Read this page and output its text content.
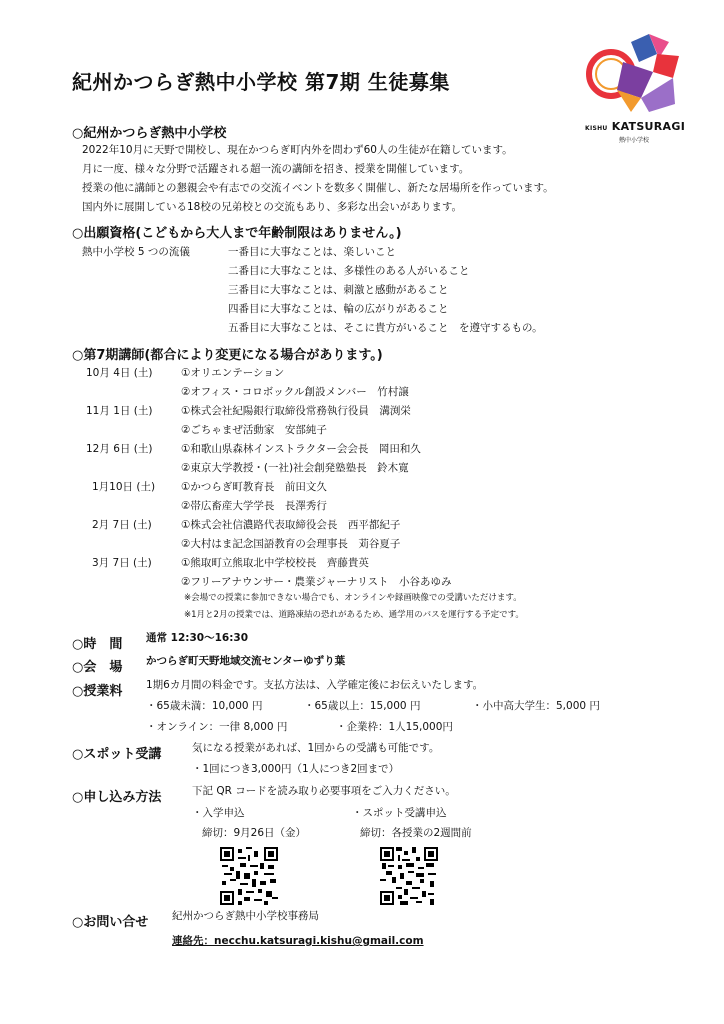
紀州かつらぎ熱中小学校 第7期 生徒募集
KISHU KATSURAGI
熱中小学校
○紀州かつらぎ熱中小学校
2022年10月に天野で開校し、現在かつらぎ町内外を問わず60人の生徒が在籍しています。
月に一度、様々な分野で活躍される超一流の講師を招き、授業を開催しています。
授業の他に講師との懇親会や有志での交流イベントを数多く開催し、新たな居場所を作っています。
国内外に展開している18校の兄弟校との交流もあり、多彩な出会いがあります。
○出願資格(こどもから大人まで年齢制限はありません。)
熱中小学校 5 つの流儀	一番目に大事なことは、楽しいこと
二番目に大事なことは、多様性のある人がいること
三番目に大事なことは、刺激と感動があること
四番目に大事なことは、輪の広がりがあること
五番目に大事なことは、そこに貴方がいること　を遵守するもの。
○第7期講師(都合により変更になる場合があります。)
10月 4日 (土)	①オリエンテーション
②オフィス・コロボックル創設メンバー　竹村譲
11月 1日 (土)	①株式会社紀陽銀行取締役常務執行役員　溝渕栄
②ごちゃまぜ活動家　安部純子
12月 6日 (土)	①和歌山県森林インストラクター会会長　岡田和久
②東京大学教授・(一社)社会創発塾塾長　鈴木寛
1月10日 (土) ①かつらぎ町教育長　前田文久
②帯広畜産大学学長　長澤秀行
2月 7日 (土)	①株式会社信濃路代表取締役会長　西平都紀子
②大村はま記念国語教育の会理事長　苅谷夏子
3月 7日 (土)	①熊取町立熊取北中学校校長　齊藤貴英
②フリーアナウンサー・農業ジャーナリスト　小谷あゆみ
※会場での授業に参加できない場合でも、オンラインや録画映像での受講いただけます。
※1月と2月の授業では、道路凍結の恐れがあるため、通学用のバスを運行する予定です。
○時　間 通常 12:30〜16:30
○会　場 かつらぎ町天野地域交流センターゆずり葉
○授業料 1期6カ月間の料金です。支払方法は、入学確定後にお伝えいたします。
・65歳未満：10,000 円	・65歳以上：15,000 円	・小中高大学生：5,000 円
・オンライン：一律 8,000 円	・企業枠：1人15,000円
○スポット受講	気になる授業があれば、1回からの受講も可能です。
・1回につき3,000円（1人につき2回まで）
○申し込み方法	下記 QR コードを読み取り必要事項をご入力ください。
・入学申込
締切：9月26日（金）
・スポット受講申込
締切：各授業の2週間前
○お問い合せ 紀州かつらぎ熱中小学校事務局
連絡先：necchu.katsuragi.kishu@gmail.com
